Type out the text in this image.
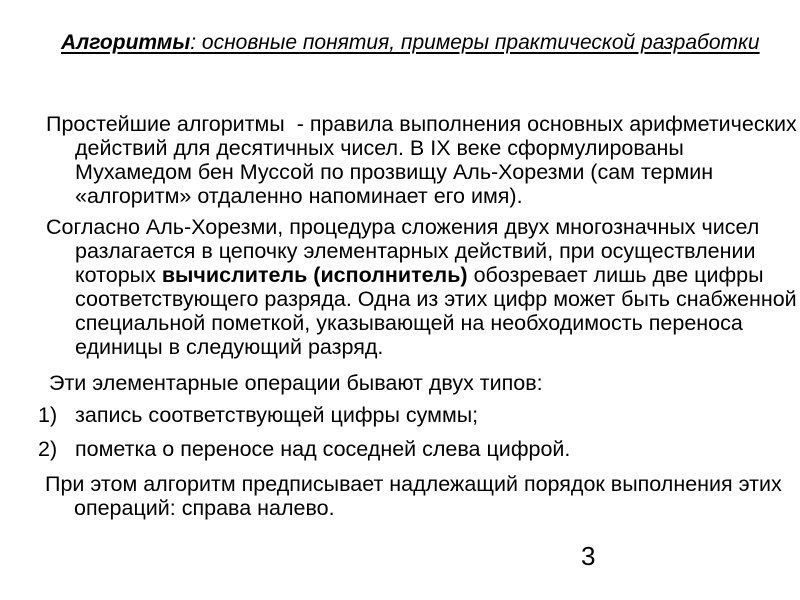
Алгоритмы: основные понятия, примеры практической разработки
Простейшие алгоритмы  - правила выполнения основных арифметических
действий для десятичных чисел. В IX веке сформулированы
Мухамедом бен Муссой по прозвищу Аль-Хорезми (сам термин
«алгоритм» отдаленно напоминает его имя).
Согласно Аль-Хорезми, процедура сложения двух многозначных чисел
разлагается в цепочку элементарных действий, при осуществлении
которых вычислитель (исполнитель) обозревает лишь две цифры
соответствующего разряда. Одна из этих цифр может быть снабженной
специальной пометкой, указывающей на необходимость переноса
единицы в следующий разряд.
Эти элементарные операции бывают двух типов:
1) запись соответствующей цифры суммы;
2) пометка о переносе над соседней слева цифрой.
При этом алгоритм предписывает надлежащий порядок выполнения этих
операций: справа налево.
3
